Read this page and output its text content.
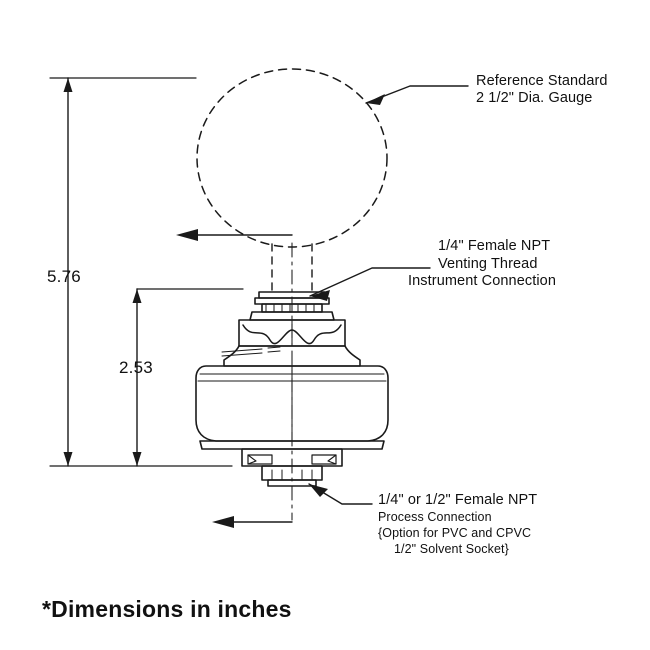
5.76
2.53
Reference Standard
2 1/2" Dia. Gauge
1/4" Female NPT
Venting Thread
Instrument Connection
1/4" or 1/2" Female NPT
Process Connection
{Option for PVC and CPVC
1/2" Solvent Socket}
*Dimensions in inches
